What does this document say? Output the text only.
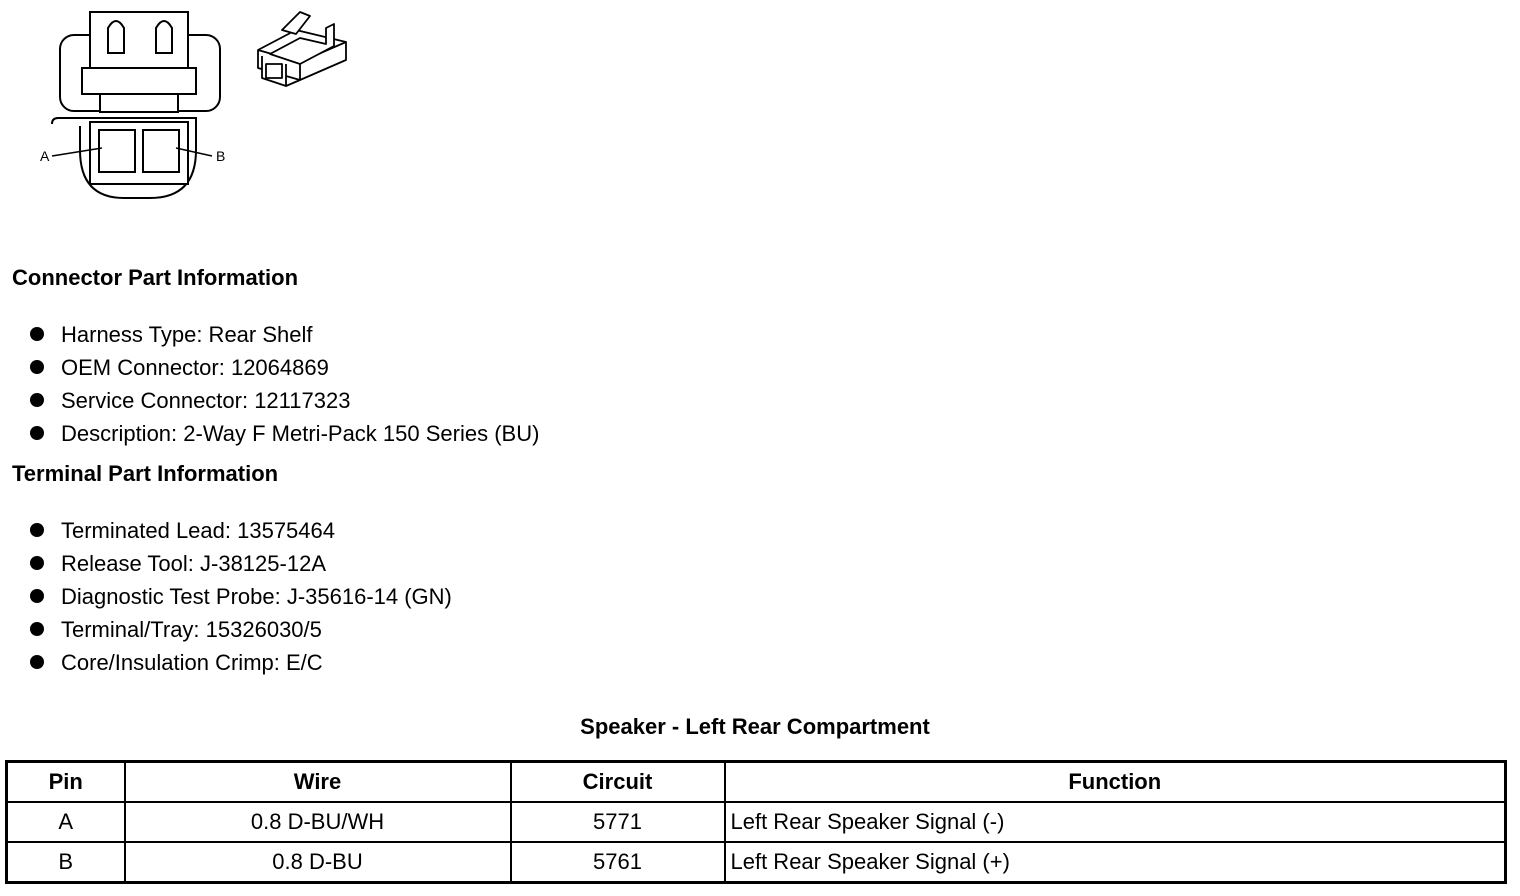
A	B
Connector Part Information
Harness Type: Rear Shelf
OEM Connector: 12064869
Service Connector: 12117323
Description: 2-Way F Metri-Pack 150 Series (BU)
Terminal Part Information
Terminated Lead: 13575464
Release Tool: J-38125-12A
Diagnostic Test Probe: J-35616-14 (GN)
Terminal/Tray: 15326030/5
Core/Insulation Crimp: E/C
Speaker - Left Rear Compartment
Pin	Wire	Circuit	Function
A	0.8 D-BU/WH	5771	Left Rear Speaker Signal (-)
B	0.8 D-BU	5761	Left Rear Speaker Signal (+)
